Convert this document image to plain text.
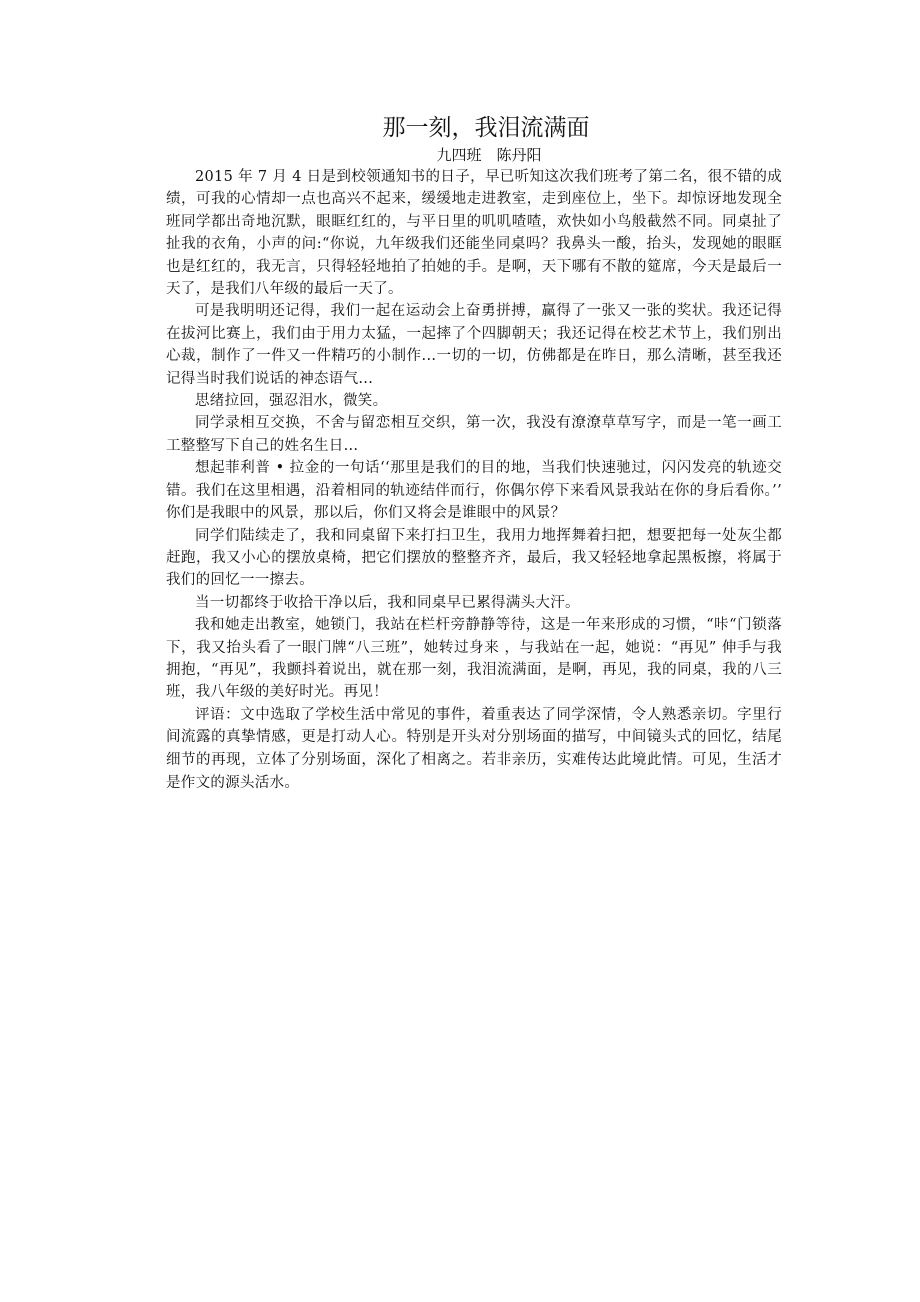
那一刻，我泪流满面
九四班　陈丹阳

2015 年 7 月 4 日是到校领通知书的日子，早已听知这次我们班考了第二名，很不错的成绩，可我的心情却一点也高兴不起来，缓缓地走进教室，走到座位上，坐下。却惊讶地发现全班同学都出奇地沉默，眼眶红红的，与平日里的叽叽喳喳，欢快如小鸟般截然不同。同桌扯了扯我的衣角，小声的问:“你说，九年级我们还能坐同桌吗？我鼻头一酸，抬头，发现她的眼眶也是红红的，我无言，只得轻轻地拍了拍她的手。是啊，天下哪有不散的筵席，今天是最后一天了，是我们八年级的最后一天了。

可是我明明还记得，我们一起在运动会上奋勇拼搏，赢得了一张又一张的奖状。我还记得在拔河比赛上，我们由于用力太猛，一起摔了个四脚朝天；我还记得在校艺术节上，我们别出心裁，制作了一件又一件精巧的小制作...一切的一切，仿佛都是在昨日，那么清晰，甚至我还记得当时我们说话的神态语气...

思绪拉回，强忍泪水，微笑。

同学录相互交换，不舍与留恋相互交织，第一次，我没有潦潦草草写字，而是一笔一画工工整整写下自己的姓名生日...

想起菲利普 • 拉金的一句话‘‘那里是我们的目的地，当我们快速驰过，闪闪发亮的轨迹交错。我们在这里相遇，沿着相同的轨迹结伴而行，你偶尔停下来看风景我站在你的身后看你。’’ 你们是我眼中的风景，那以后，你们又将会是谁眼中的风景？

同学们陆续走了，我和同桌留下来打扫卫生，我用力地挥舞着扫把，想要把每一处灰尘都赶跑，我又小心的摆放桌椅，把它们摆放的整整齐齐，最后，我又轻轻地拿起黑板擦，将属于我们的回忆一一擦去。

当一切都终于收拾干净以后，我和同桌早已累得满头大汗。

我和她走出教室，她锁门，我站在栏杆旁静静等待，这是一年来形成的习惯，“咔“门锁落下，我又抬头看了一眼门牌“八三班”，她转过身来 ，与我站在一起，她说：“再见” 伸手与我拥抱，“再见”，我颤抖着说出，就在那一刻，我泪流满面，是啊，再见，我的同桌，我的八三班，我八年级的美好时光。再见！

评语：文中选取了学校生活中常见的事件，着重表达了同学深情，令人熟悉亲切。字里行间流露的真挚情感，更是打动人心。特别是开头对分别场面的描写，中间镜头式的回忆，结尾细节的再现，立体了分别场面，深化了相离之。若非亲历，实难传达此境此情。可见，生活才是作文的源头活水。
